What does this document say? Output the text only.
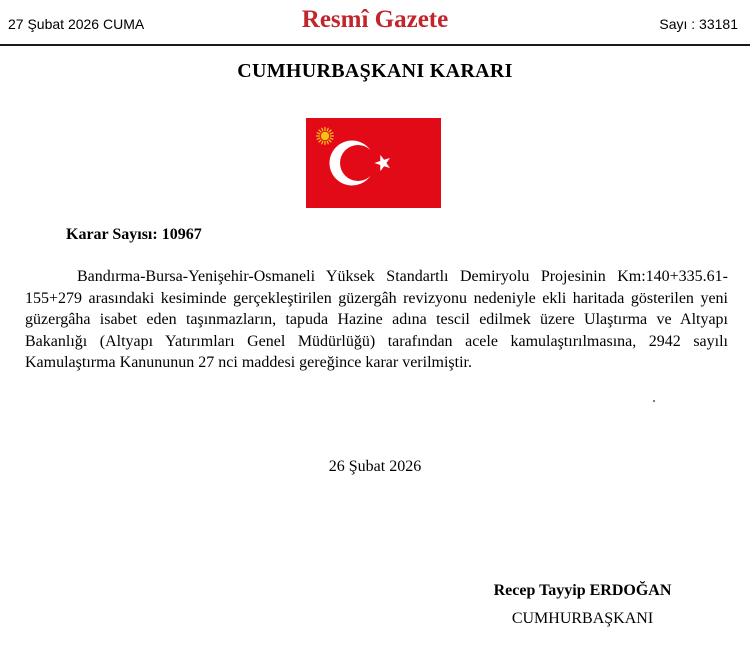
27 Şubat 2026 CUMA	Resmî Gazete	Sayı : 33181
CUMHURBAŞKANI KARARI
Karar Sayısı: 10967

Bandırma-Bursa-Yenişehir-Osmaneli Yüksek Standartlı Demiryolu Projesinin Km:140+335.61-155+279 arasındaki kesiminde gerçekleştirilen güzergâh revizyonu nedeniyle ekli haritada gösterilen yeni güzergâha isabet eden taşınmazların, tapuda Hazine adına tescil edilmek üzere Ulaştırma ve Altyapı Bakanlığı (Altyapı Yatırımları Genel Müdürlüğü) tarafından acele kamulaştırılmasına, 2942 sayılı Kamulaştırma Kanununun 27 nci maddesi gereğince karar verilmiştir.

26 Şubat 2026
Recep Tayyip ERDOĞAN
CUMHURBAŞKANI
